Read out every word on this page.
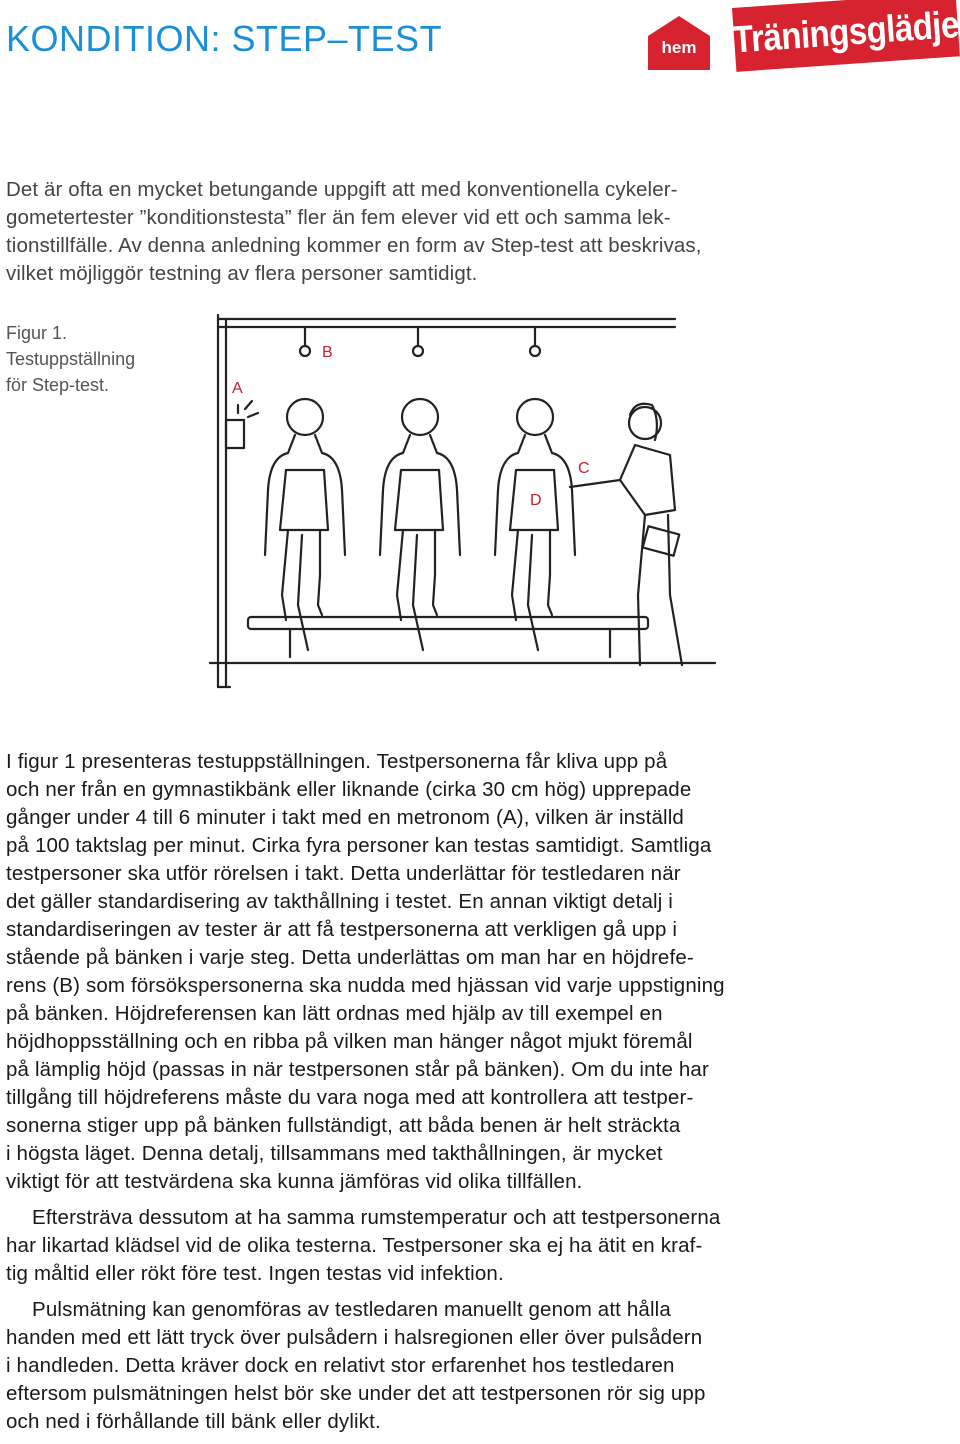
KONDITION: STEP–TEST	hem	Träningsglädje
Det är ofta en mycket betungande uppgift att med konventionella cykeler-
gometertester ”konditionstesta” fler än fem elever vid ett och samma lek-
tionstillfälle. Av denna anledning kommer en form av Step-test att beskrivas,
vilket möjliggör testning av flera personer samtidigt.
Figur 1.
Testuppställning
för Step-test.	A
B
C
D

I figur 1 presenteras testuppställningen. Testpersonerna får kliva upp på
och ner från en gymnastikbänk eller liknande (cirka 30 cm hög) upprepade
gånger under 4 till 6 minuter i takt med en metronom (A), vilken är inställd
på 100 taktslag per minut. Cirka fyra personer kan testas samtidigt. Samtliga
testpersoner ska utför rörelsen i takt. Detta underlättar för testledaren när
det gäller standardisering av takthållning i testet. En annan viktigt detalj i
standardiseringen av tester är att få testpersonerna att verkligen gå upp i
stående på bänken i varje steg. Detta underlättas om man har en höjdrefe-
rens (B) som försökspersonerna ska nudda med hjässan vid varje uppstigning
på bänken. Höjdreferensen kan lätt ordnas med hjälp av till exempel en
höjdhoppsställning och en ribba på vilken man hänger något mjukt föremål
på lämplig höjd (passas in när testpersonen står på bänken). Om du inte har
tillgång till höjdreferens måste du vara noga med att kontrollera att testper-
sonerna stiger upp på bänken fullständigt, att båda benen är helt sträckta
i högsta läget. Denna detalj, tillsammans med takthållningen, är mycket
viktigt för att testvärdena ska kunna jämföras vid olika tillfällen.

Eftersträva dessutom at ha samma rumstemperatur och att testpersonerna
har likartad klädsel vid de olika testerna. Testpersoner ska ej ha ätit en kraf-
tig måltid eller rökt före test. Ingen testas vid infektion.

Pulsmätning kan genomföras av testledaren manuellt genom att hålla
handen med ett lätt tryck över pulsådern i halsregionen eller över pulsådern
i handleden. Detta kräver dock en relativt stor erfarenhet hos testledaren
eftersom pulsmätningen helst bör ske under det att testpersonen rör sig upp
och ned i förhållande till bänk eller dylikt.
